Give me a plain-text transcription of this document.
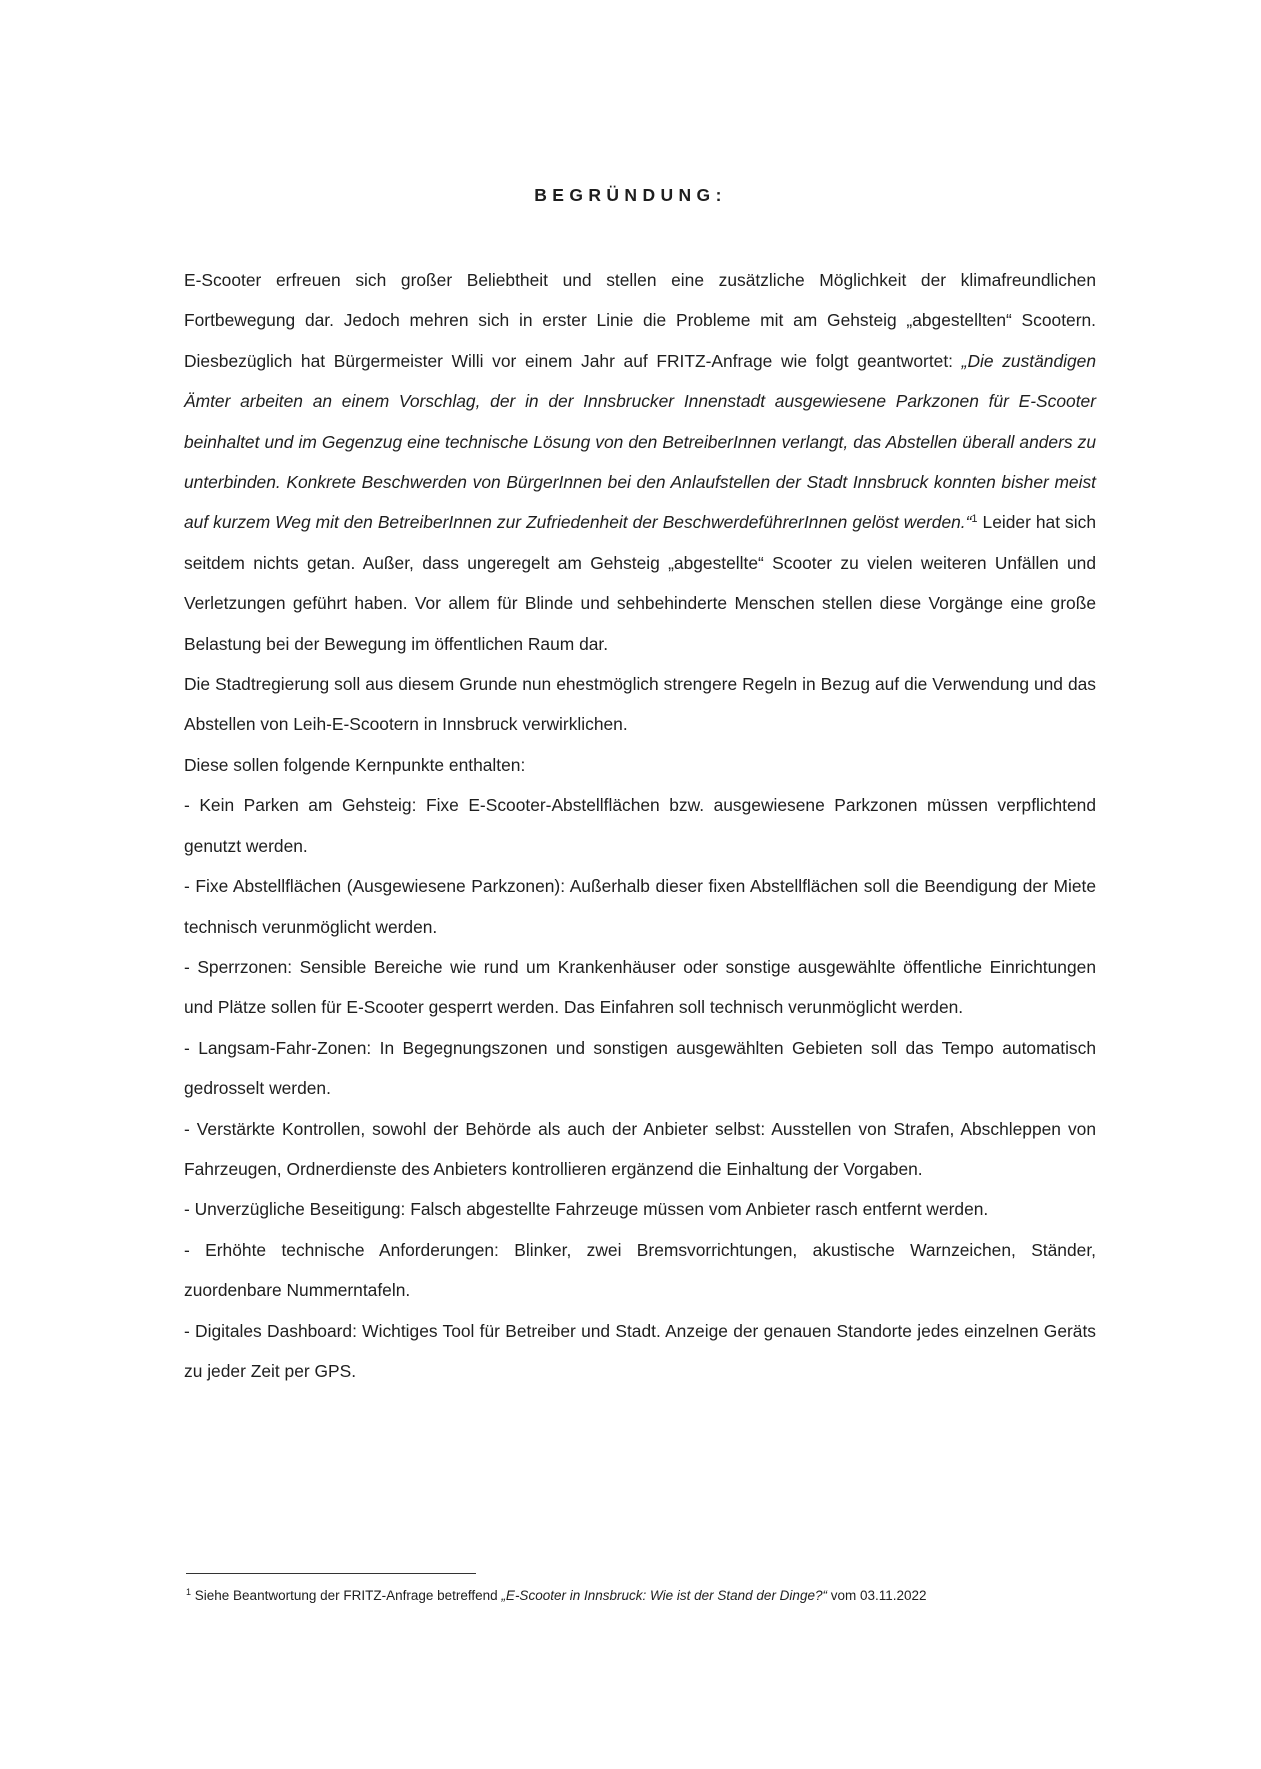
BEGRÜNDUNG:

E-Scooter erfreuen sich großer Beliebtheit und stellen eine zusätzliche Möglichkeit der klimafreundlichen Fortbewegung dar. Jedoch mehren sich in erster Linie die Probleme mit am Gehsteig „abgestellten“ Scootern. Diesbezüglich hat Bürgermeister Willi vor einem Jahr auf FRITZ-Anfrage wie folgt geantwortet: „Die zuständigen Ämter arbeiten an einem Vorschlag, der in der Innsbrucker Innenstadt ausgewiesene Parkzonen für E-Scooter beinhaltet und im Gegenzug eine technische Lösung von den BetreiberInnen verlangt, das Abstellen überall anders zu unterbinden. Konkrete Beschwerden von BürgerInnen bei den Anlaufstellen der Stadt Innsbruck konnten bisher meist auf kurzem Weg mit den BetreiberInnen zur Zufriedenheit der BeschwerdeführerInnen gelöst werden.“$^1$ Leider hat sich seitdem nichts getan. Außer, dass ungeregelt am Gehsteig „abgestellte“ Scooter zu vielen weiteren Unfällen und Verletzungen geführt haben. Vor allem für Blinde und sehbehinderte Menschen stellen diese Vorgänge eine große Belastung bei der Bewegung im öffentlichen Raum dar.

Die Stadtregierung soll aus diesem Grunde nun ehestmöglich strengere Regeln in Bezug auf die Verwendung und das Abstellen von Leih-E-Scootern in Innsbruck verwirklichen.

Diese sollen folgende Kernpunkte enthalten:

- Kein Parken am Gehsteig: Fixe E-Scooter-Abstellflächen bzw. ausgewiesene Parkzonen müssen verpflichtend genutzt werden.

- Fixe Abstellflächen (Ausgewiesene Parkzonen): Außerhalb dieser fixen Abstellflächen soll die Beendigung der Miete technisch verunmöglicht werden.

- Sperrzonen: Sensible Bereiche wie rund um Krankenhäuser oder sonstige ausgewählte öffentliche Einrichtungen und Plätze sollen für E-Scooter gesperrt werden. Das Einfahren soll technisch verunmöglicht werden.

- Langsam-Fahr-Zonen: In Begegnungszonen und sonstigen ausgewählten Gebieten soll das Tempo automatisch gedrosselt werden.

- Verstärkte Kontrollen, sowohl der Behörde als auch der Anbieter selbst: Ausstellen von Strafen, Abschleppen von Fahrzeugen, Ordnerdienste des Anbieters kontrollieren ergänzend die Einhaltung der Vorgaben.

- Unverzügliche Beseitigung: Falsch abgestellte Fahrzeuge müssen vom Anbieter rasch entfernt werden.

- Erhöhte technische Anforderungen: Blinker, zwei Bremsvorrichtungen, akustische Warnzeichen, Ständer, zuordenbare Nummerntafeln.

- Digitales Dashboard: Wichtiges Tool für Betreiber und Stadt. Anzeige der genauen Standorte jedes einzelnen Geräts zu jeder Zeit per GPS.

$^1$ Siehe Beantwortung der FRITZ-Anfrage betreffend „E-Scooter in Innsbruck: Wie ist der Stand der Dinge?“ vom 03.11.2022
